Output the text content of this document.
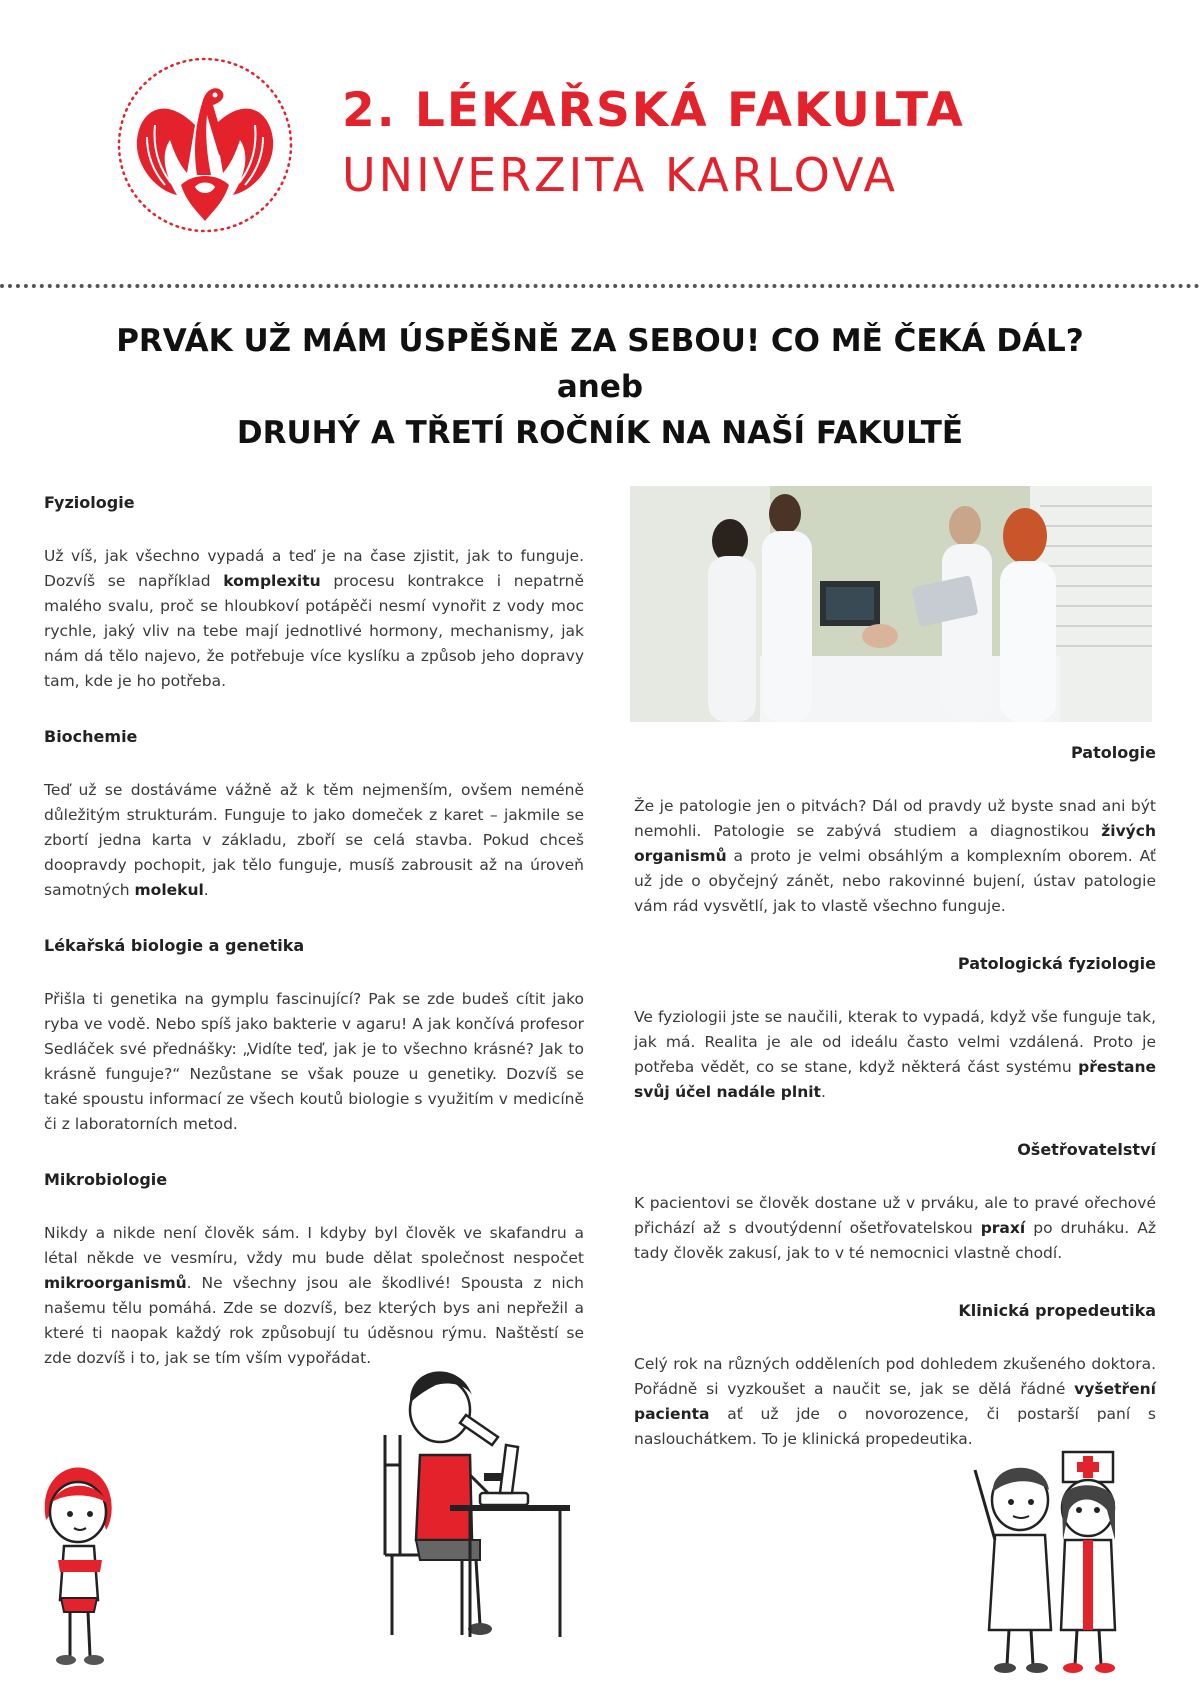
2. LÉKAŘSKÁ FAKULTA
UNIVERZITA KARLOVA
PRVÁK UŽ MÁM ÚSPĚŠNĚ ZA SEBOU! CO MĚ ČEKÁ DÁL?
aneb
DRUHÝ A TŘETÍ ROČNÍK NA NAŠÍ FAKULTĚ
Fyziologie
Už víš, jak všechno vypadá a teď je na čase zjistit, jak to funguje. Dozvíš se například komplexitu procesu kontrakce i nepatrně malého svalu, proč se hloubkoví potápěči nesmí vynořit z vody moc rychle, jaký vliv na tebe mají jednotlivé hormony, mechanismy, jak nám dá tělo najevo, že potřebuje více kyslíku a způsob jeho dopravy tam, kde je ho potřeba.
Biochemie
Teď už se dostáváme vážně až k těm nejmenším, ovšem neméně důležitým strukturám. Funguje to jako domeček z karet – jakmile se zbortí jedna karta v základu, zboří se celá stavba. Pokud chceš doopravdy pochopit, jak tělo funguje, musíš zabrousit až na úroveň samotných molekul.
Lékařská biologie a genetika
Přišla ti genetika na gymplu fascinující? Pak se zde budeš cítit jako ryba ve vodě. Nebo spíš jako bakterie v agaru! A jak končívá profesor Sedláček své přednášky: „Vidíte teď, jak je to všechno krásné? Jak to krásně funguje?“ Nezůstane se však pouze u genetiky. Dozvíš se také spoustu informací ze všech koutů biologie s využitím v medicíně či z laboratorních metod.
Mikrobiologie
Nikdy a nikde není člověk sám. I kdyby byl člověk ve skafandru a létal někde ve vesmíru, vždy mu bude dělat společnost nespočet mikroorganismů. Ne všechny jsou ale škodlivé! Spousta z nich našemu tělu pomáhá. Zde se dozvíš, bez kterých bys ani nepřežil a které ti naopak každý rok způsobují tu úděsnou rýmu. Naštěstí se zde dozvíš i to, jak se tím vším vypořádat.
Patologie
Že je patologie jen o pitvách? Dál od pravdy už byste snad ani být nemohli. Patologie se zabývá studiem a diagnostikou živých organismů a proto je velmi obsáhlým a komplexním oborem. Ať už jde o obyčejný zánět, nebo rakovinné bujení, ústav patologie vám rád vysvětlí, jak to vlastě všechno funguje.
Patologická fyziologie
Ve fyziologii jste se naučili, kterak to vypadá, když vše funguje tak, jak má. Realita je ale od ideálu často velmi vzdálená. Proto je potřeba vědět, co se stane, když některá část systému přestane svůj účel nadále plnit.
Ošetřovatelství
K pacientovi se člověk dostane už v prváku, ale to pravé ořechové přichází až s dvoutýdenní ošetřovatelskou praxí po druháku. Až tady člověk zakusí, jak to v té nemocnici vlastně chodí.
Klinická propedeutika
Celý rok na různých odděleních pod dohledem zkušeného doktora. Pořádně si vyzkoušet a naučit se, jak se dělá řádné vyšetření pacienta ať už jde o novorozence, či postarší paní s naslouchátkem. To je klinická propedeutika.
